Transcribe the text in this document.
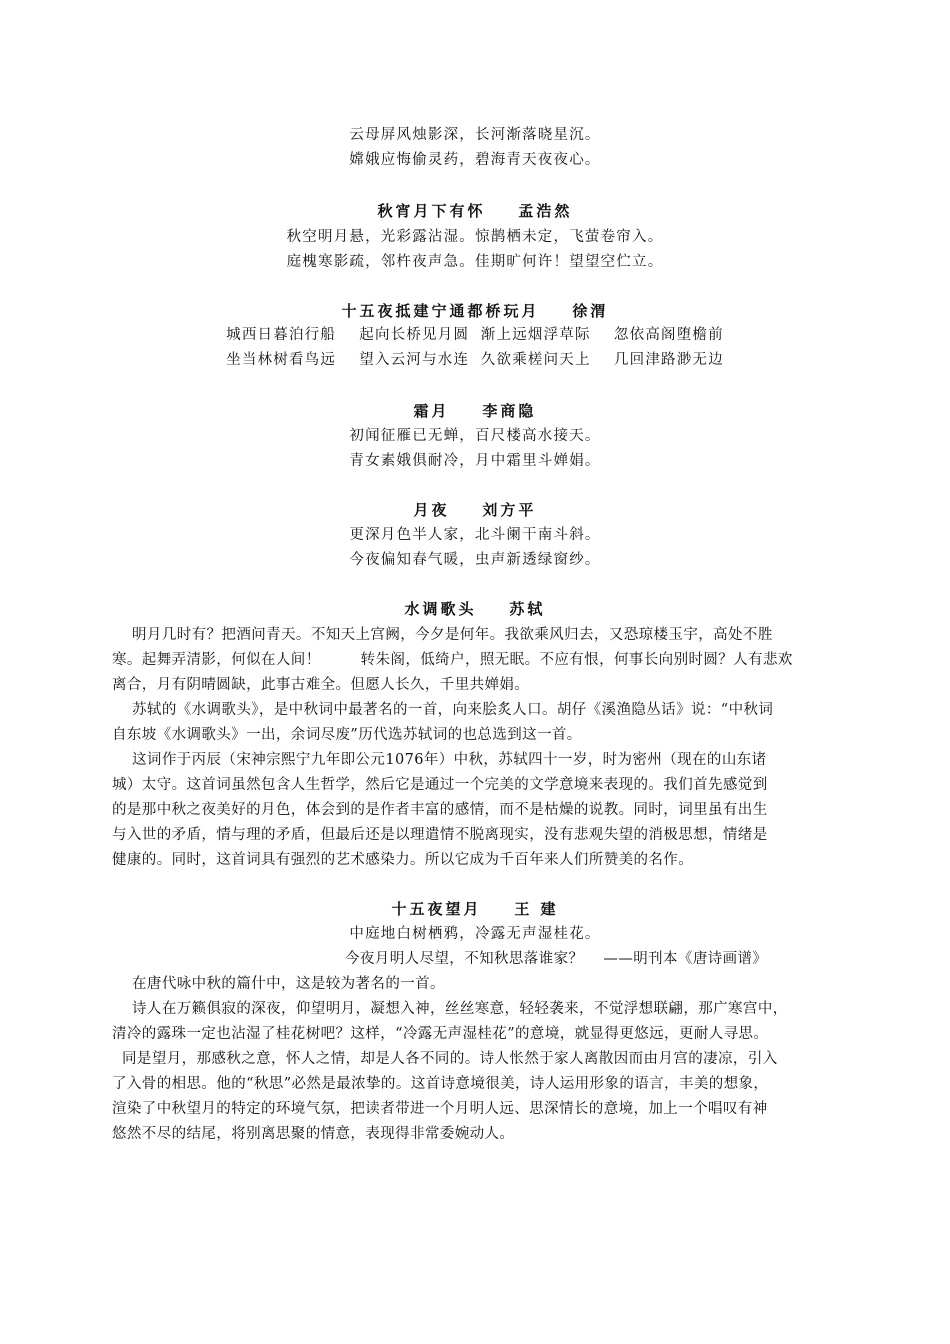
云母屏风烛影深，长河渐落晓星沉。
嫦娥应悔偷灵药，碧海青天夜夜心。
秋宵月下有怀    孟浩然
秋空明月悬，光彩露沾湿。惊鹊栖未定，飞萤卷帘入。
庭槐寒影疏，邻杵夜声急。佳期旷何许！望望空伫立。
十五夜抵建宁通都桥玩月    徐渭
城西日暮泊行船    起向长桥见月圆  渐上远烟浮草际    忽依高阁堕檐前
坐当林树看鸟远    望入云河与水连  久欲乘槎问天上    几回津路渺无边
霜月    李商隐
初闻征雁已无蝉，百尺楼高水接天。
青女素娥俱耐冷，月中霜里斗婵娟。
月夜    刘方平
更深月色半人家，北斗阑干南斗斜。
今夜偏知春气暖，虫声新透绿窗纱。
水调歌头    苏轼
明月几时有？把酒问青天。不知天上宫阙，今夕是何年。我欲乘风归去，又恐琼楼玉宇，高处不胜
寒。起舞弄清影，何似在人间！        转朱阁，低绮户，照无眠。不应有恨，何事长向别时圆？人有悲欢
离合，月有阴晴圆缺，此事古难全。但愿人长久，千里共婵娟。
苏轼的《水调歌头》，是中秋词中最著名的一首，向来脍炙人口。胡仔《溪渔隐丛话》说：“中秋词
自东坡《水调歌头》一出，余词尽废”历代选苏轼词的也总选到这一首。
这词作于丙辰（宋神宗熙宁九年即公元1076年）中秋，苏轼四十一岁，时为密州（现在的山东诸
城）太守。这首词虽然包含人生哲学，然后它是通过一个完美的文学意境来表现的。我们首先感觉到
的是那中秋之夜美好的月色，体会到的是作者丰富的感情，而不是枯燥的说教。同时，词里虽有出生
与入世的矛盾，情与理的矛盾，但最后还是以理遣情不脱离现实，没有悲观失望的消极思想，情绪是
健康的。同时，这首词具有强烈的艺术感染力。所以它成为千百年来人们所赞美的名作。
十五夜望月    王 建
中庭地白树栖鸦，冷露无声湿桂花。
今夜月明人尽望，不知秋思落谁家？    ——明刊本《唐诗画谱》
在唐代咏中秋的篇什中，这是较为著名的一首。
诗人在万籁俱寂的深夜，仰望明月，凝想入神，丝丝寒意，轻轻袭来，不觉浮想联翩，那广寒宫中，
清冷的露珠一定也沾湿了桂花树吧？这样，“冷露无声湿桂花”的意境，就显得更悠远，更耐人寻思。
同是望月，那感秋之意，怀人之情，却是人各不同的。诗人怅然于家人离散因而由月宫的凄凉，引入
了入骨的相思。他的“秋思”必然是最浓挚的。这首诗意境很美，诗人运用形象的语言，丰美的想象，
渲染了中秋望月的特定的环境气氛，把读者带进一个月明人远、思深情长的意境，加上一个唱叹有神
悠然不尽的结尾，将别离思聚的情意，表现得非常委婉动人。
